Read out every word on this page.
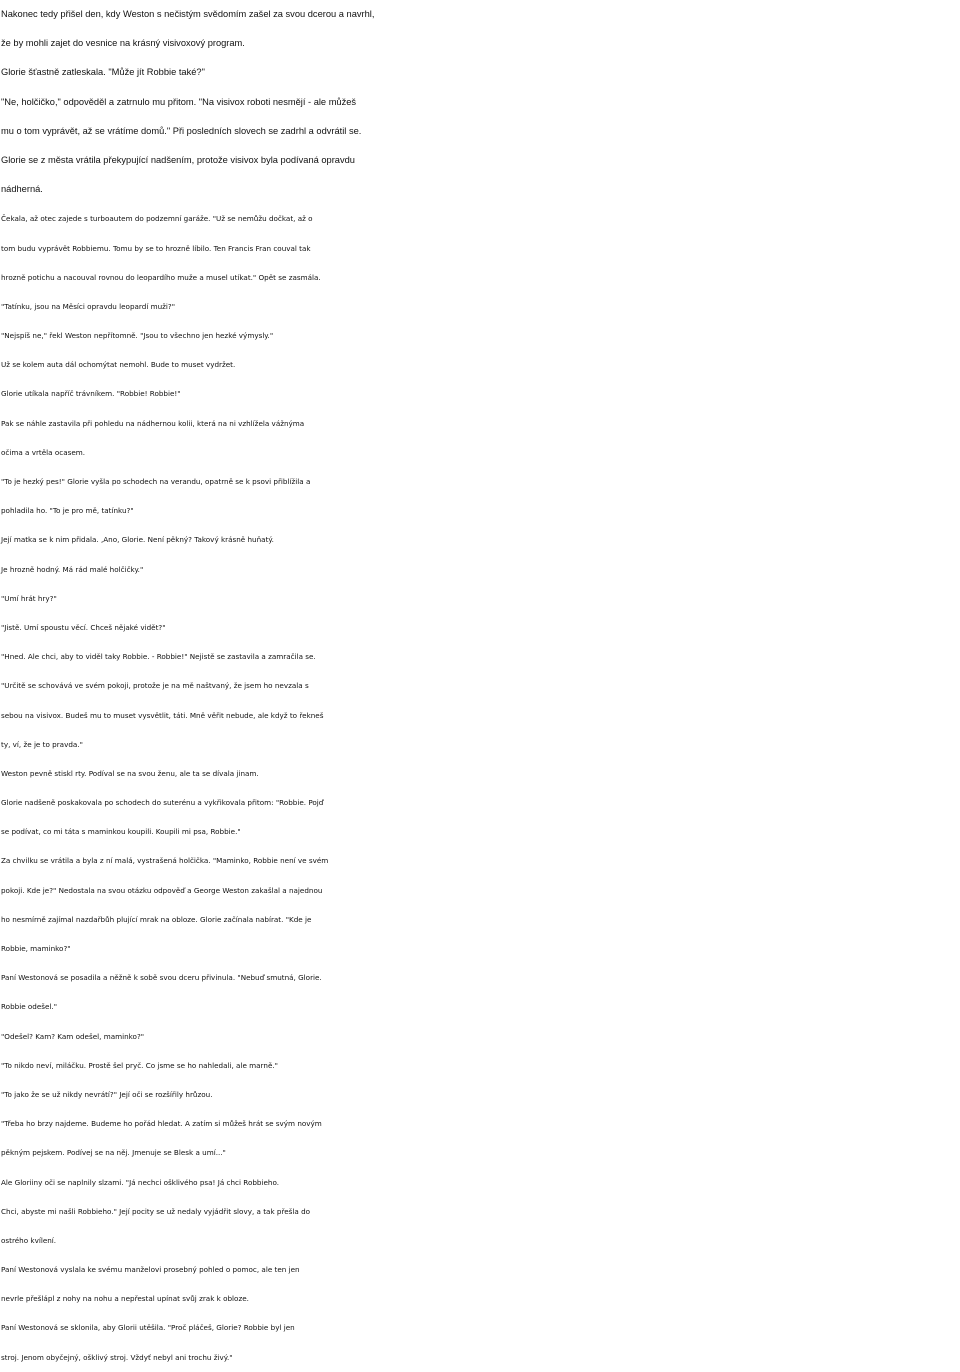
Nakonec tedy přišel den, kdy Weston s nečistým svědomím zašel za svou dcerou a navrhl,
že by mohli zajet do vesnice na krásný visivoxový program.
Glorie šťastně zatleskala. "Může jít Robbie také?"
"Ne, holčičko," odpověděl a zatrnulo mu přitom. "Na visivox roboti nesmějí - ale můžeš
mu o tom vyprávět, až se vrátíme domů." Při posledních slovech se zadrhl a odvrátil se.
Glorie se z města vrátila překypující nadšením, protože visivox byla podívaná opravdu
nádherná.
Čekala, až otec zajede s turboautem do podzemní garáže. "Už se nemůžu dočkat, až o
tom budu vyprávět Robbiemu. Tomu by se to hrozně líbilo. Ten Francis Fran couval tak
hrozně potichu a nacouval rovnou do leopardího muže a musel utíkat." Opět se zasmála.
"Tatínku, jsou na Měsíci opravdu leopardí muži?"
"Nejspíš ne," řekl Weston nepřítomně. "Jsou to všechno jen hezké výmysly."
Už se kolem auta dál ochomýtat nemohl. Bude to muset vydržet.
Glorie utíkala napříč trávníkem. "Robbie! Robbie!"
Pak se náhle zastavila při pohledu na nádhernou kolii, která na ni vzhlížela vážnýma
očima a vrtěla ocasem.
"To je hezký pes!" Glorie vyšla po schodech na verandu, opatrně se k psovi přiblížila a
pohladila ho. "To je pro mě, tatínku?"
Její matka se k nim přidala. ,Ano, Glorie. Není pěkný? Takový krásně huňatý.
Je hrozně hodný. Má rád malé holčičky."
"Umí hrát hry?"
"Jistě. Umí spoustu věcí. Chceš nějaké vidět?"
"Hned. Ale chci, aby to viděl taky Robbie. - Robbie!" Nejistě se zastavila a zamračila se.
"Určitě se schovává ve svém pokoji, protože je na mě naštvaný, že jsem ho nevzala s
sebou na visivox. Budeš mu to muset vysvětlit, táti. Mně věřit nebude, ale když to řekneš
ty, ví, že je to pravda."
Weston pevně stiskl rty. Podíval se na svou ženu, ale ta se dívala jinam.
Glorie nadšeně poskakovala po schodech do suterénu a vykřikovala přitom: "Robbie. Pojď
se podívat, co mi táta s maminkou koupili. Koupili mi psa, Robbie."
Za chvilku se vrátila a byla z ní malá, vystrašená holčička. "Maminko, Robbie není ve svém
pokoji. Kde je?" Nedostala na svou otázku odpověď a George Weston zakašlal a najednou
ho nesmírně zajímal nazdařbůh plující mrak na obloze. Glorie začínala nabírat. "Kde je
Robbie, maminko?"
Paní Westonová se posadila a něžně k sobě svou dceru přivinula. "Nebuď smutná, Glorie.
Robbie odešel."
"Odešel? Kam? Kam odešel, maminko?"
"To nikdo neví, miláčku. Prostě šel pryč. Co jsme se ho nahledali, ale marně."
"To jako že se už nikdy nevrátí?" Její oči se rozšířily hrůzou.
"Třeba ho brzy najdeme. Budeme ho pořád hledat. A zatím si můžeš hrát se svým novým
pěkným pejskem. Podívej se na něj. Jmenuje se Blesk a umí..."
Ale Gloriiny oči se naplnily slzami. "Já nechci ošklivého psa! Já chci Robbieho.
Chci, abyste mi našli Robbieho." Její pocity se už nedaly vyjádřit slovy, a tak přešla do
ostrého kvílení.
Paní Westonová vyslala ke svému manželovi prosebný pohled o pomoc, ale ten jen
nevrle přešlápl z nohy na nohu a nepřestal upínat svůj zrak k obloze.
Paní Westonová se sklonila, aby Glorii utěšila. "Proč pláčeš, Glorie? Robbie byl jen
stroj. Jenom obyčejný, ošklivý stroj. Vždyť nebyl ani trochu živý."
